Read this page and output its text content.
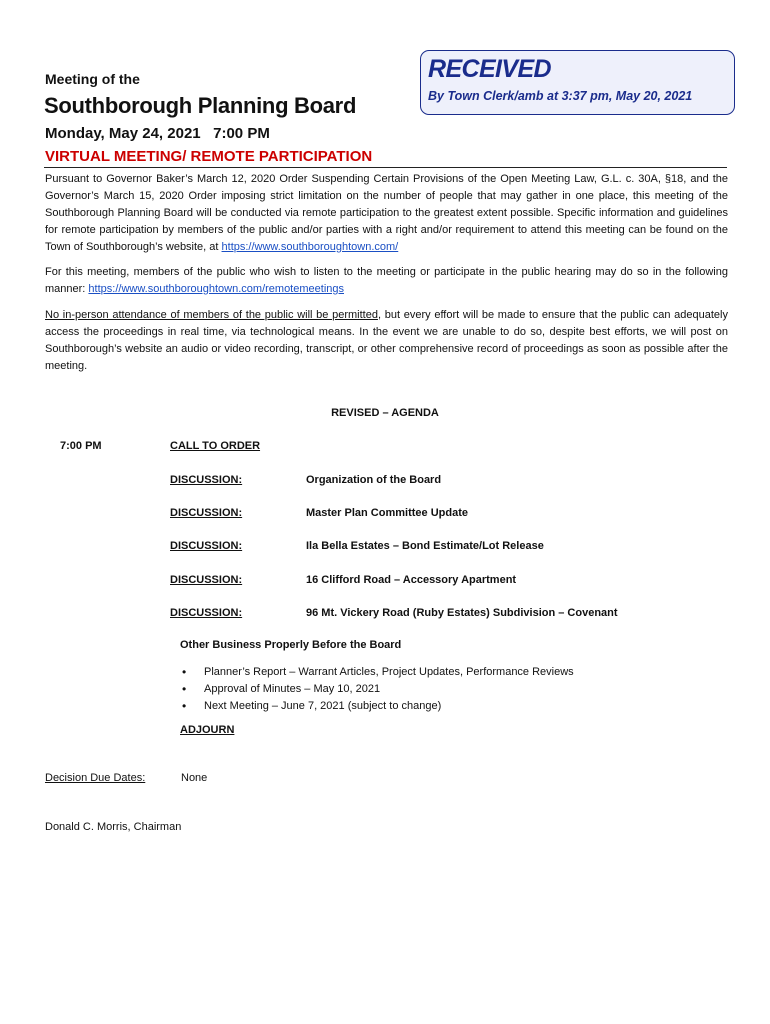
RECEIVED
By Town Clerk/amb at 3:37 pm, May 20, 2021
Meeting of the
Southborough Planning Board
Monday, May 24, 2021   7:00 PM
VIRTUAL MEETING/ REMOTE PARTICIPATION
Pursuant to Governor Baker’s March 12, 2020 Order Suspending Certain Provisions of the Open Meeting Law, G.L. c. 30A, §18, and the Governor’s March 15, 2020 Order imposing strict limitation on the number of people that may gather in one place, this meeting of the Southborough Planning Board will be conducted via remote participation to the greatest extent possible. Specific information and guidelines for remote participation by members of the public and/or parties with a right and/or requirement to attend this meeting can be found on the Town of Southborough’s website, at https://www.southboroughtown.com/
For this meeting, members of the public who wish to listen to the meeting or participate in the public hearing may do so in the following manner: https://www.southboroughtown.com/remotemeetings
No in-person attendance of members of the public will be permitted, but every effort will be made to ensure that the public can adequately access the proceedings in real time, via technological means. In the event we are unable to do so, despite best efforts, we will post on Southborough’s website an audio or video recording, transcript, or other comprehensive record of proceedings as soon as possible after the meeting.
REVISED – AGENDA
7:00 PM	CALL TO ORDER
DISCUSSION:	Organization of the Board
DISCUSSION:	Master Plan Committee Update
DISCUSSION:	Ila Bella Estates – Bond Estimate/Lot Release
DISCUSSION:	16 Clifford Road – Accessory Apartment
DISCUSSION:	96 Mt. Vickery Road (Ruby Estates) Subdivision – Covenant
Other Business Properly Before the Board
• Planner’s Report – Warrant Articles, Project Updates, Performance Reviews
• Approval of Minutes – May 10, 2021
• Next Meeting – June 7, 2021 (subject to change)
ADJOURN
Decision Due Dates:	None
Donald C. Morris, Chairman
